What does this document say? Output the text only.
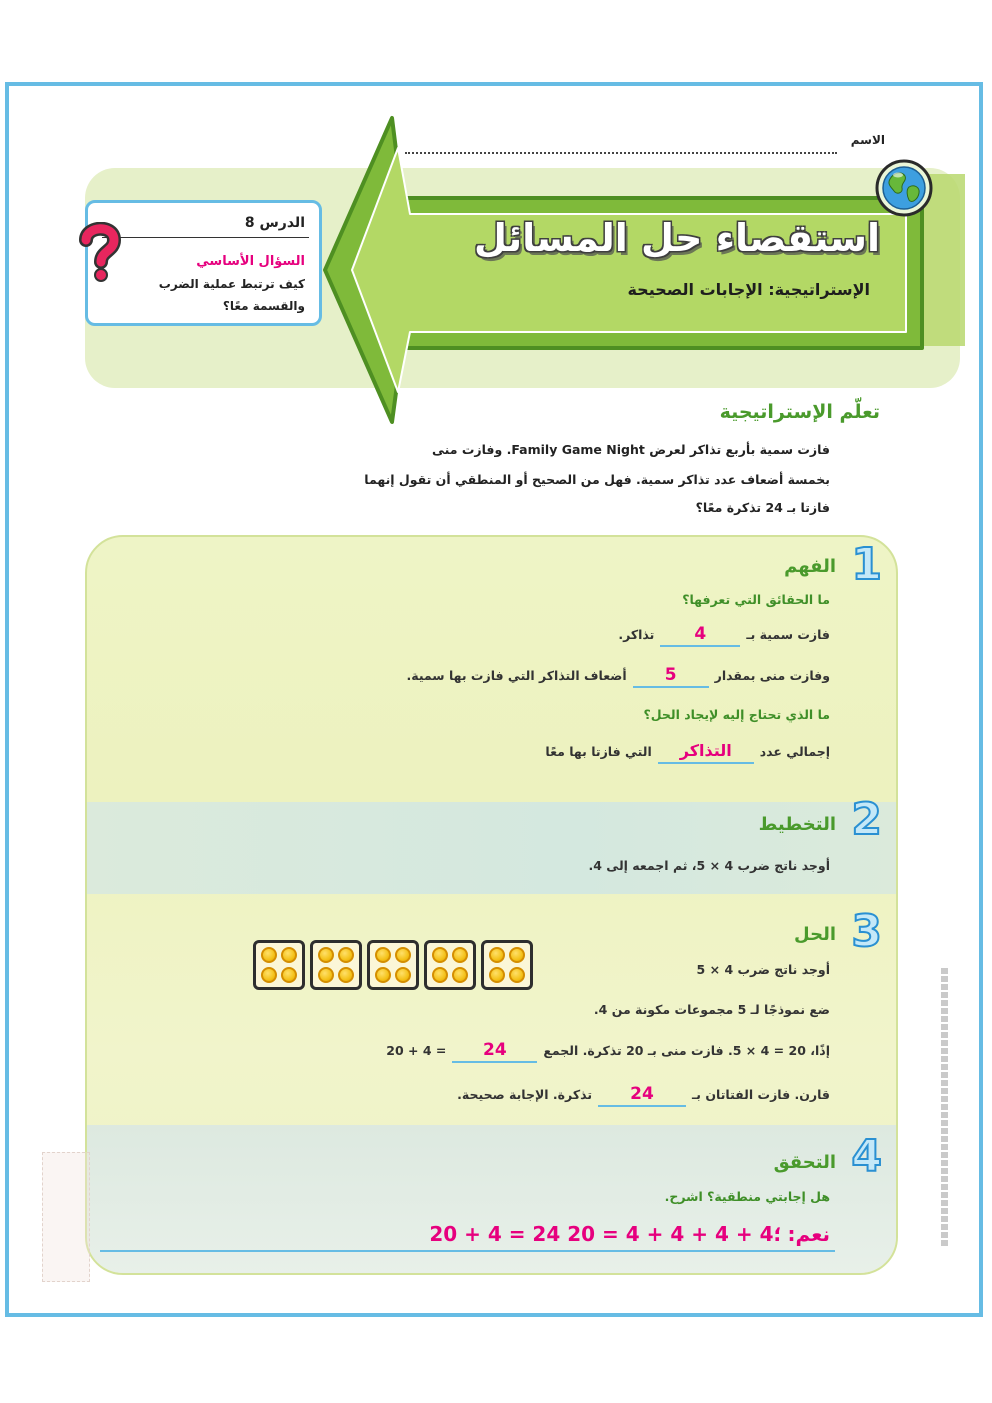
الاسم
استقصاء حل المسائل
الإستراتيجية: الإجابات الصحيحة
الدرس 8
السؤال الأساسي
كيف ترتبط عملية الضرب
والقسمة معًا؟
تعلّم الإستراتيجية
فازت سمية بأربع تذاكر لعرض Family Game Night. وفازت منى
بخمسة أضعاف عدد تذاكر سمية. فهل من الصحيح أو المنطقي أن تقول إنهما
فازتا بـ 24 تذكرة معًا؟
1
الفهم
ما الحقائق التي تعرفها؟
فازت سمية بـ
4
تذاكر.
وفازت منى بمقدار
5
أضعاف التذاكر التي فازت بها سمية.
ما الذي تحتاج إليه لإيجاد الحل؟
إجمالي عدد
التذاكر
التي فازتا بها معًا
2
التخطيط
أوجد ناتج ضرب 4 × 5، ثم اجمعه إلى 4.
3
الحل
أوجد ناتج ضرب 4 × 5
ضع نموذجًا لـ 5 مجموعات مكونة من 4.
إذًا، 20 = 4 × 5. فازت منى بـ 20 تذكرة. الجمع
24
20 + 4 =
قارن. فازت الفتاتان بـ
24
تذكرة. الإجابة صحيحة.
4
التحقق
هل إجابتي منطقية؟ اشرح.
نعم:
20 + 4 = 24 ؛4 + 4 + 4 + 4 = 20
